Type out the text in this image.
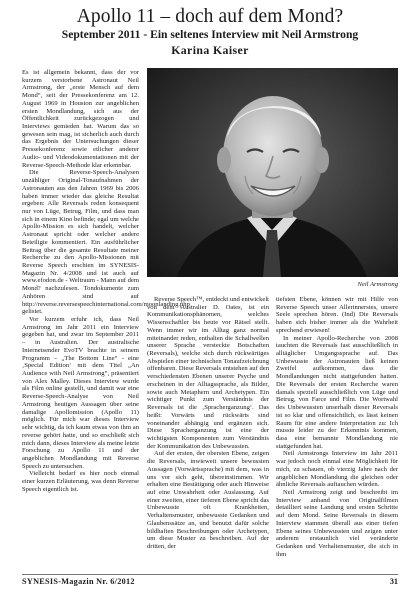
Apollo 11 – doch auf dem Mond?
September 2011 - Ein seltenes Interview mit Neil Armstrong
Karina Kaiser

Es ist allgemein bekannt, dass der vor kurzem verstorbene Astronaut Neil Armstrong, der „erste Mensch auf dem Mond“, seit der Pressekonferenz am 12. August 1969 in Houston zur angeblichen ersten Mondlandung, sich aus der Öffentlichkeit zurückgezogen und Interviews gemieden hat. Warum das so gewesen sein mag, ist sicherlich auch durch das Ergebnis der Untersuchungen dieser Pressekonferenz sowie etlicher anderer Audio- und Videodokumentationen mit der Reverse-Speech-Methode klar erkennbar.

Die Reverse-Speech-Analysen unzähliger Original-Tonaufnahmen der Astronauten aus den Jahren 1969 bis 2006 haben immer wieder das gleiche Resultat ergeben: Alle Reversals reden konsequent nur von Lüge, Betrug, Film, und dass man sich in einem Kino befinde; egal um welche Apollo-Mission es sich handelt, welcher Astronaut spricht oder welcher andere Beteiligte kommentiert. Ein ausführlicher Beitrag über die gesamte Resultate meiner Recherche zu den Apollo-Missionen mit Reverse Speech erschien im SYNESIS-Magazin Nr. 4/2008 und ist auch auf www.efodon.de - Weltraum - Mann auf dem Mond? nachzulesen. Tondokumente zum Anhören sind auf http://reverse.reversespeechinternational.com/moonlanding.php gelistet.

Vor kurzem erfuhr ich, dass Neil Armstrong im Jahr 2011 ein Interview gegeben hat, und zwar im September 2011 – in Australien. Der australische Internetsender EvoTV brachte in seinem Programm – „The Bottom Line“ - eine ‚Special Edition‘ mit dem Titel „An Audience with Neil Armstrong“, präsentiert von Alex Malley. Dieses Interview wurde als Film online gestellt, und damit war eine Reverse-Speech-Analyse von Neil Armstrong heutigen Aussagen über seine damalige Apollomission (Apollo 11) möglich. Für mich war dieses Interview sehr wichtig, da ich kaum etwas von ihm an reverse gehört hatte, und so erschließt sich mich dann, dieses Interview als meine letzte Forschung zu Apollo 11 und der angeblichen Mondlandung mit Reverse Speech zu untersuchen.

Vielleicht bedarf es hier noch einmal einer kurzen Erläuterung, was denn Reverse Speech eigentlich ist.

Neil Armstrong

Reverse Speech™, entdeckt und entwickelt von dem Australier D. Oates, ist ein Kommunikationsphänomen, welches Wissenschaftler bis heute vor Rätsel stellt. Wenn immer wir im Alltag ganz normal miteinander reden, enthalten die Schallwellen unserer Sprache versteckte Botschaften (Reversals), welche sich durch rückwärtiges Abspielen einer technischen Tonaufzeichnung offenbaren. Diese Reversals entstehen auf den verschiedensten Ebenen unserer Psyche und erscheinen in der Alltagssprache, als Bilder, sowie auch Metaphern und Archetypen. Ein wichtiger Punkt zum Verständnis der Reversals ist die ‚Spracherganzung‘. Das heißt: Vorwärts und rückwärts sind voneinander abhängig und ergänzen sich. Diese Spracherganzung ist eine der wichtigsten Komponenten zum Verständnis der Kommunikation des Unbewussten.

Auf der ersten, der obersten Ebene, zeigen die Reversals, inwieweit unsere bewussten Aussagen (Vorwärtssprache) mit dem, was in uns vor sich geht, übereinstimmen. Wir erhalten eine Bestätigung oder auch Hinweise auf eine Unwahrheit oder Auslassung. Auf einer zweiten, einer tieferen Ebene spricht das Unbewusste oft Krankheiten, Verhaltensmuster, unbewusste Gedanken und Glaubenssätze an, und benutzt dafür solche bildhaften Beschreibungen oder Archetypen, um diese Muster zu beschreiben. Auf der dritten, der

tiefsten Ebene, können wir mit Hilfe von Reverse Speech unser Allerinnerstes, unsere Seele sprechen hören. (Ind) Die Reversals haben sich bisher immer als die Wahrheit sprechend erwiesen!

In meiner Apollo-Recherche von 2008 tauchten die Reversals fast ausschließlich in alltäglicher Umgangssprache auf. Das Unbewusste der Astronauten ließ keinen Zweifel aufkommen, dass die Mondlandungen nicht stattgefunden hatten. Die Reversals der ersten Recherche waren damals speziell ausschließlich von Lüge und Betrug, von Farce und Film. Die Wortwahl des Unbewussten unserhalb dieser Reversals ist so klar und offensichtlich, es lässt keinen Raum für eine andere Interpretation zu: Ich musste leider zu der Erkenntnis kommen, dass eine bemannte Mondlandung nie stattgefunden hat.

Neil Armstrongs Interview im Jahr 2011 war jedoch noch einmal eine Möglichkeit für mich, zu schauen, ob vierzig Jahre nach der angeblichen Mondlandung die gleichen oder ähnliche Reversals auftauchen würden.

Neil Armstrong zeigt und beschreibt im Interview anhand von Originalfilmen detailliert seine Landung und ersten Schritte auf dem Mond. Seine Reversals in diesem Interview stammen überall aus einer tiefen Ebene seines Unbewussten und zeigen unter anderem erstaunlich viel veränderte Gedanken und Verhaltensmuster, die sich in ihm

SYNESIS-Magazin Nr. 6/2012	31
